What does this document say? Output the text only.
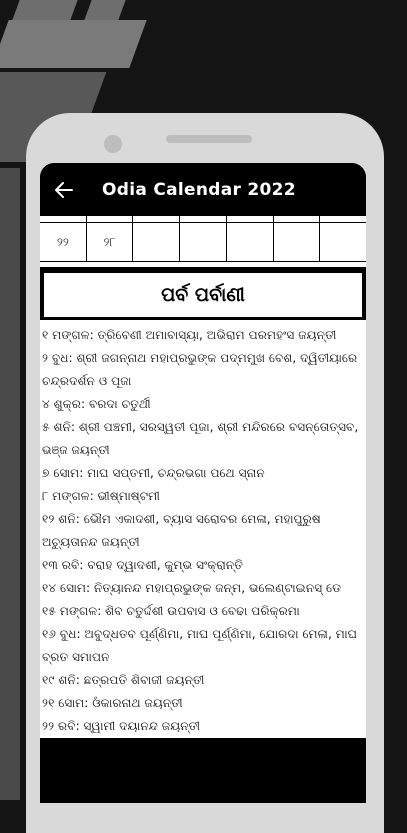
Odia Calendar 2022
୨୨	୨୮
ପର୍ବ ପର୍ବାଣୀ

୧ ମଙ୍ଗଳ: ତ୍ରିବେଣୀ ଅମାବାସ୍ୟା, ଅଭିରାମ ପରମହଂସ ଜୟନ୍ତୀ

୨ ବୁଧ: ଶ୍ରୀ ଜଗନ୍ନାଥ ମହାପ୍ରଭୁଙ୍କ ପଦ୍ମମୁଖ ବେଶ, ଦ୍ୱିତୀୟାରେ ଚନ୍ଦ୍ରଦର୍ଶନ ଓ ପୂଜା

୪ ଶୁକ୍ର: ବରଦା ଚତୁର୍ଥୀ

୫ ଶନି: ଶ୍ରୀ ପଞ୍ଚମୀ, ସରସ୍ୱତୀ ପୂଜା, ଶ୍ରୀ ମନ୍ଦିରରେ ବସନ୍ତୋତ୍ସବ, ଭଞ୍ଜ ଜୟନ୍ତୀ

୭ ସୋମ: ମାଘ ସପ୍ତମୀ, ଚନ୍ଦ୍ରଭଗା ପଥେ ସ୍ନାନ

୮ ମଙ୍ଗଳ: ଭୀଷ୍ମାଷ୍ଟମୀ

୧୨ ଶନି: ଭୌମ ଏକାଦଶୀ, ବ୍ୟାସ ସରୋବର ମେଳା, ମହାପୁରୁଷ ଅଚ୍ୟୁତାନନ୍ଦ ଜୟନ୍ତୀ

୧୩ ରବି: ବରାହ ଦ୍ୱାଦଶୀ, କୁମ୍ଭ ସଂକ୍ରାନ୍ତି

୧୪ ସୋମ: ନିତ୍ୟାନନ୍ଦ ମହାପ୍ରଭୁଙ୍କ ଜନ୍ମ, ଭଲେଣ୍ଟାଇନସ୍ ଡେ

୧୫ ମଙ୍ଗଳ: ଶିବ ଚତୁର୍ଦ୍ଦଶୀ ଉପବାସ ଓ ବେଢା ପରିକ୍ରମା

୧୬ ବୁଧ: ଅବୁଦ୍ଧତବ ପୂର୍ଣ୍ଣିମା, ମାଘ ପୂର୍ଣ୍ଣିମା, ଯୋରଦା ମେଳା, ମାଘ ବ୍ରତ ସମାପନ

୧୯ ଶନି: ଛତ୍ରପତି ଶିବାଜୀ ଜୟନ୍ତୀ

୨୧ ସୋମ: ଓଁକାରନାଥ ଜୟନ୍ତୀ

୨୨ ରବି: ସ୍ୱାମୀ ଦୟାନନ୍ଦ ଜୟନ୍ତୀ
